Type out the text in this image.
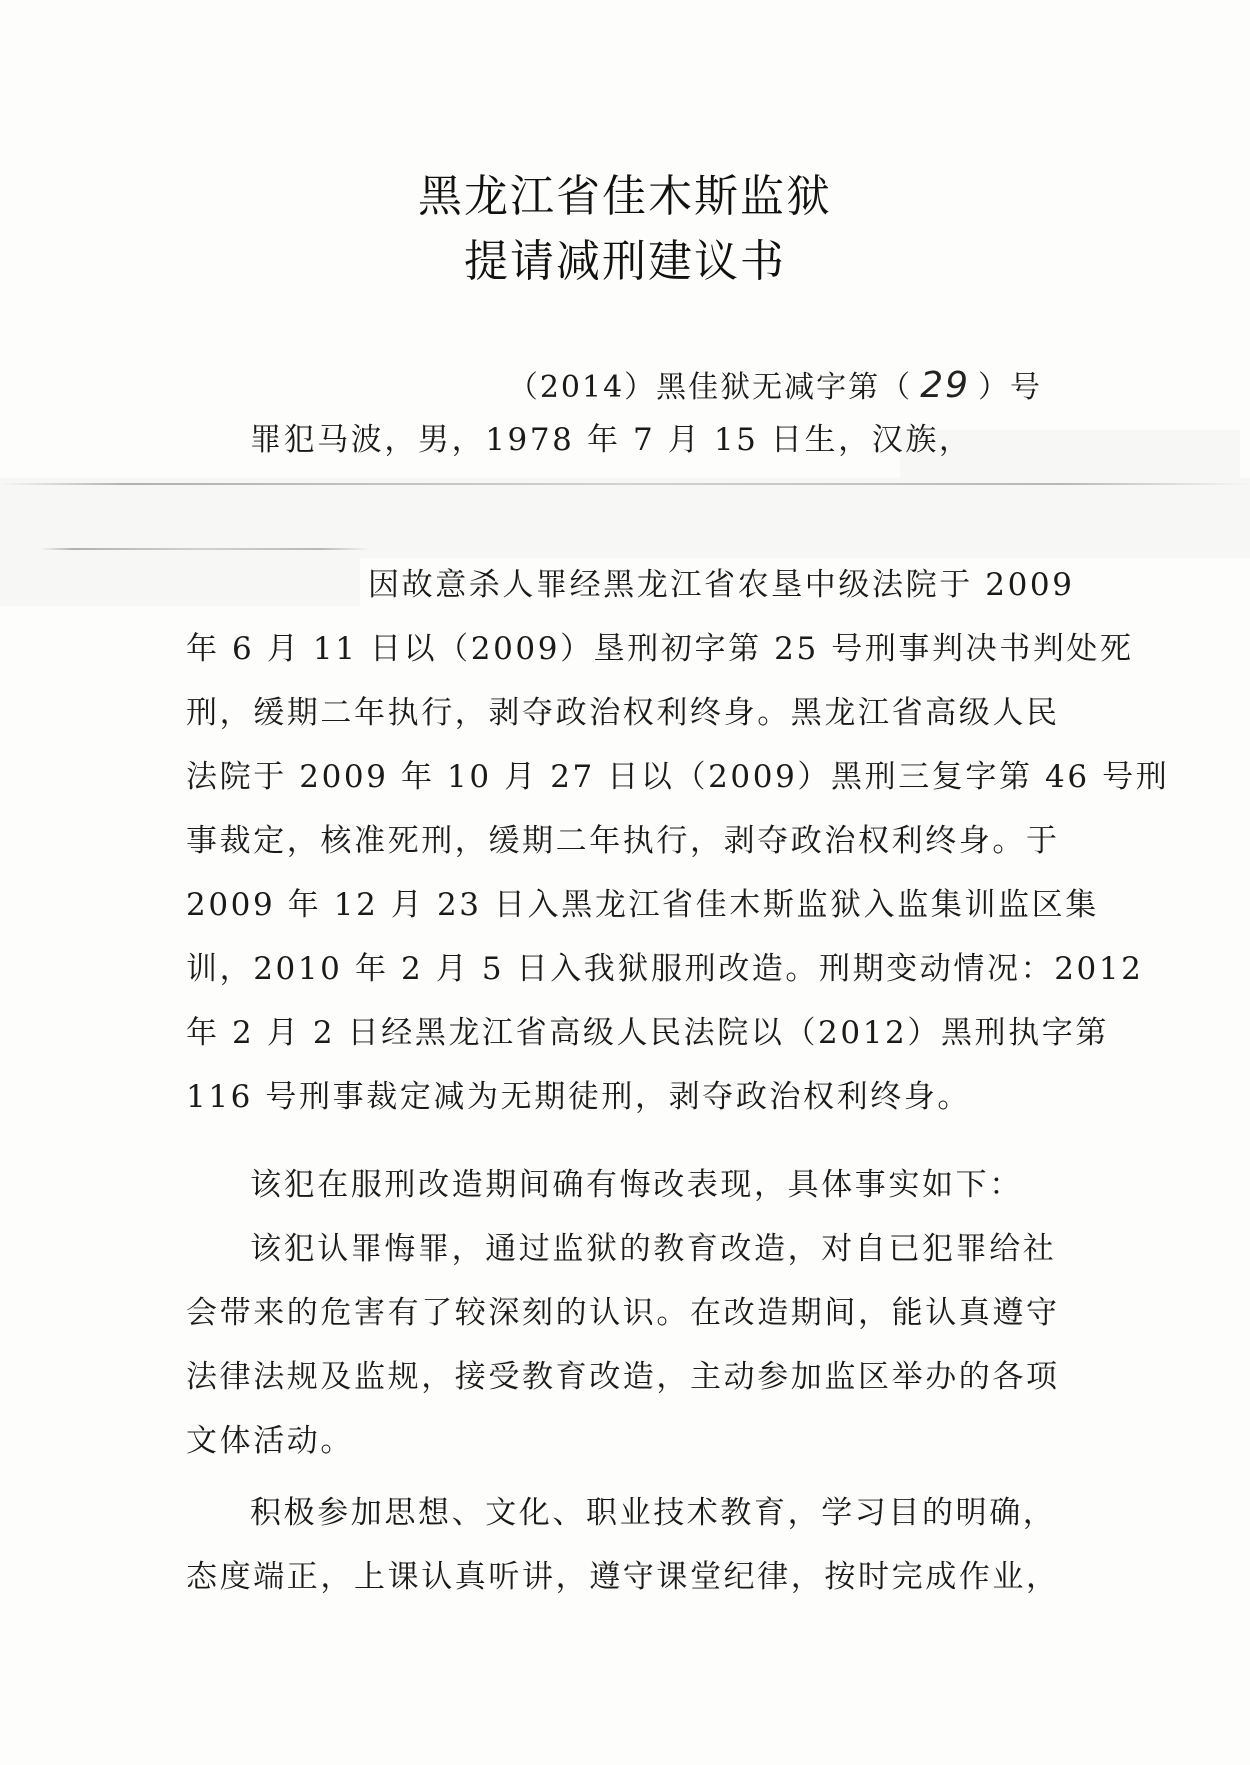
黑龙江省佳木斯监狱
提请减刑建议书
（2014）黑佳狱无减字第（ 29 ）号
罪犯马波，男，1978 年 7 月 15 日生，汉族，
因故意杀人罪经黑龙江省农垦中级法院于 2009
年 6 月 11 日以（2009）垦刑初字第 25 号刑事判决书判处死
刑，缓期二年执行，剥夺政治权利终身。黑龙江省高级人民
法院于 2009 年 10 月 27 日以（2009）黑刑三复字第 46 号刑
事裁定，核准死刑，缓期二年执行，剥夺政治权利终身。于
2009 年 12 月 23 日入黑龙江省佳木斯监狱入监集训监区集
训，2010 年 2 月 5 日入我狱服刑改造。刑期变动情况：2012
年 2 月 2 日经黑龙江省高级人民法院以（2012）黑刑执字第
116 号刑事裁定减为无期徒刑，剥夺政治权利终身。
该犯在服刑改造期间确有悔改表现，具体事实如下：
该犯认罪悔罪，通过监狱的教育改造，对自已犯罪给社
会带来的危害有了较深刻的认识。在改造期间，能认真遵守
法律法规及监规，接受教育改造，主动参加监区举办的各项
文体活动。
积极参加思想、文化、职业技术教育，学习目的明确，
态度端正，上课认真听讲，遵守课堂纪律，按时完成作业，
